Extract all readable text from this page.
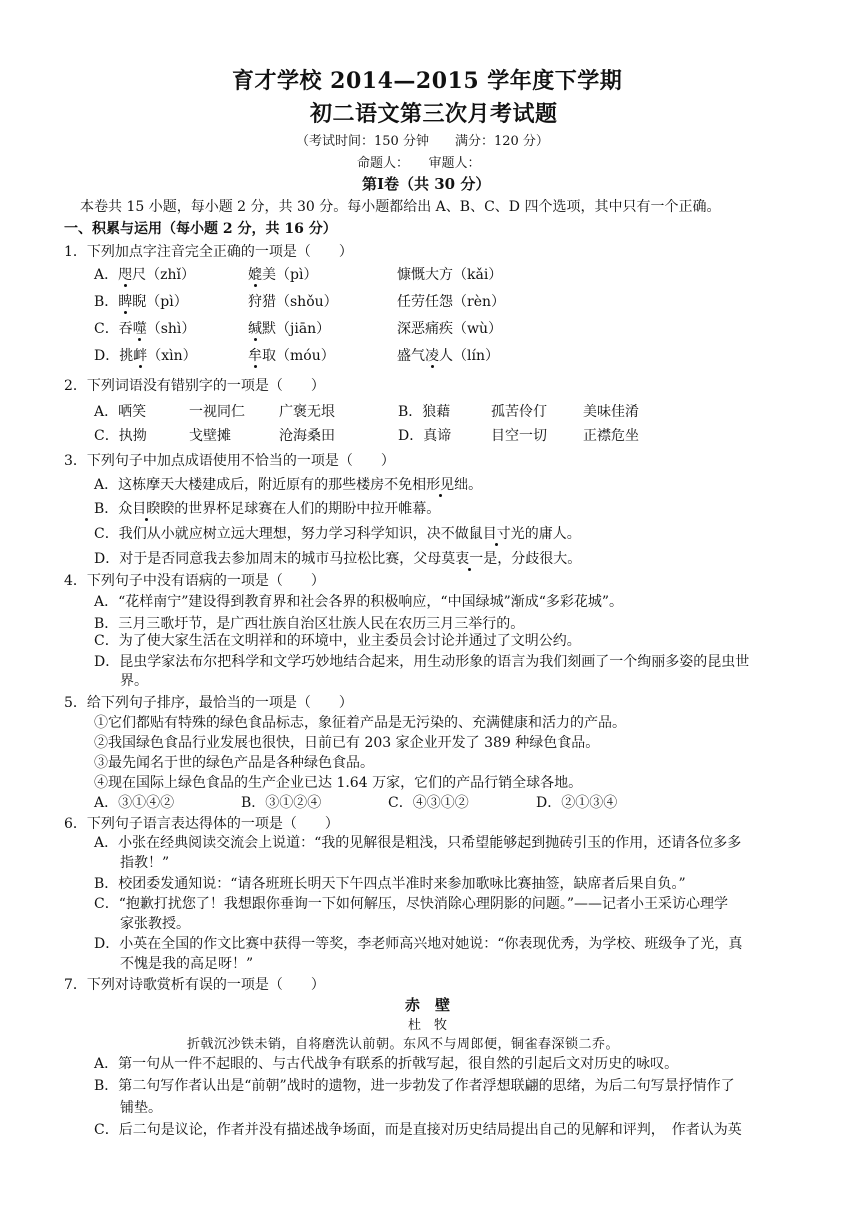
育才学校 2014—2015 学年度下学期
初二语文第三次月考试题
（考试时间：150 分钟　　满分：120 分）
命题人：　　审题人：
第Ⅰ卷（共 30 分）
本卷共 15 小题，每小题 2 分，共 30 分。每小题都给出 A、B、C、D 四个选项，其中只有一个正确。
一、积累与运用（每小题 2 分，共 16 分）
1．下列加点字注音完全正确的一项是（　　）
A．咫尺（zhǐ）	媲美（pì）	慷慨大方（kǎi）
B．睥睨（pì）	狩猎（shǒu）	任劳任怨（rèn）
C．吞噬（shì）	缄默（jiān）	深恶痛疾（wù）
D．挑衅（xìn）	牟取（móu）	盛气凌人（lín）
2．下列词语没有错别字的一项是（　　）
A．哂笑	一视同仁 广褒无垠	B．狼藉	孤苦伶仃	美味佳淆
C．执拗	戈壁摊	沧海桑田	D．真谛	目空一切	正襟危坐
3．下列句子中加点成语使用不恰当的一项是（　　）
A．这栋摩天大楼建成后，附近原有的那些楼房不免相形见绌。
B．众目睽睽的世界杯足球赛在人们的期盼中拉开帷幕。
C．我们从小就应树立远大理想，努力学习科学知识，决不做鼠目寸光的庸人。
D．对于是否同意我去参加周末的城市马拉松比赛，父母莫衷一是，分歧很大。
4．下列句子中没有语病的一项是（　　）
A．“花样南宁”建设得到教育界和社会各界的积极响应，“中国绿城”渐成“多彩花城”。
B．三月三歌圩节，是广西壮族自治区壮族人民在农历三月三举行的。
C．为了使大家生活在文明祥和的环境中，业主委员会讨论并通过了文明公约。
D．昆虫学家法布尔把科学和文学巧妙地结合起来，用生动形象的语言为我们刻画了一个绚丽多姿的昆虫世
界。
5．给下列句子排序，最恰当的一项是（　　）
①它们都贴有特殊的绿色食品标志，象征着产品是无污染的、充满健康和活力的产品。
②我国绿色食品行业发展也很快，日前已有 203 家企业开发了 389 种绿色食品。
③最先闻名于世的绿色产品是各种绿色食品。
④现在国际上绿色食品的生产企业已达 1.64 万家，它们的产品行销全球各地。
A．③①④②	B．③①②④	C．④③①②	D．②①③④
6．下列句子语言表达得体的一项是（　　）
A．小张在经典阅读交流会上说道：“我的见解很是粗浅，只希望能够起到抛砖引玉的作用，还请各位多多
指教！”
B．校团委发通知说：“请各班班长明天下午四点半准时来参加歌咏比赛抽签，缺席者后果自负。”
C．“抱歉打扰您了！我想跟你垂询一下如何解压，尽快消除心理阴影的问题。”——记者小王采访心理学
家张教授。
D．小英在全国的作文比赛中获得一等奖，李老师高兴地对她说：“你表现优秀，为学校、班级争了光，真
不愧是我的高足呀！”
7．下列对诗歌赏析有误的一项是（　　）
赤　壁
杜　牧
折戟沉沙铁未销，自将磨洗认前朝。东风不与周郎便，铜雀春深锁二乔。
A．第一句从一件不起眼的、与古代战争有联系的折戟写起，很自然的引起后文对历史的咏叹。
B．第二句写作者认出是“前朝”战时的遗物，进一步勃发了作者浮想联翩的思绪，为后二句写景抒情作了
铺垫。
C．后二句是议论，作者并没有描述战争场面，而是直接对历史结局提出自己的见解和评判，　作者认为英
